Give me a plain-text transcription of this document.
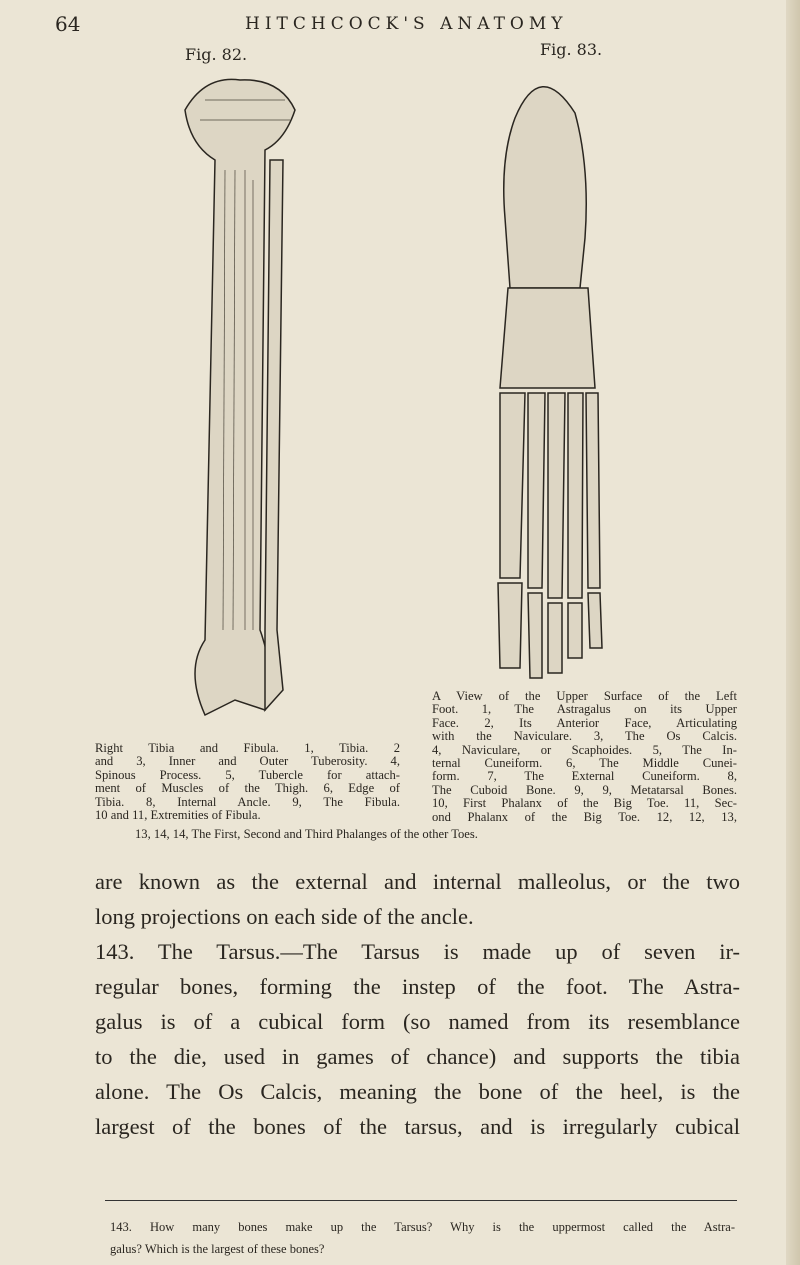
64	HITCHCOCK'S ANATOMY
Fig. 82.	Fig. 83.
Right Tibia and Fibula. 1, Tibia. 2
and 3, Inner and Outer Tuberosity. 4,
Spinous Process. 5, Tubercle for attach-
ment of Muscles of the Thigh. 6, Edge of
Tibia. 8, Internal Ancle. 9, The Fibula.
10 and 11, Extremities of Fibula.
A View of the Upper Surface of the Left
Foot. 1, The Astragalus on its Upper
Face. 2, Its Anterior Face, Articulating
with the Naviculare. 3, The Os Calcis.
4, Naviculare, or Scaphoides. 5, The In-
ternal Cuneiform. 6, The Middle Cunei-
form. 7, The External Cuneiform. 8,
The Cuboid Bone. 9, 9, Metatarsal Bones.
10, First Phalanx of the Big Toe. 11, Sec-
ond Phalanx of the Big Toe. 12, 12, 13,
13, 14, 14, The First, Second and Third Phalanges of the other Toes.
are known as the external and internal malleolus, or the two
long projections on each side of the ancle.
143. The Tarsus.—The Tarsus is made up of seven ir-
regular bones, forming the instep of the foot. The Astra-
galus is of a cubical form (so named from its resemblance
to the die, used in games of chance) and supports the tibia
alone. The Os Calcis, meaning the bone of the heel, is the
largest of the bones of the tarsus, and is irregularly cubical
143. How many bones make up the Tarsus? Why is the uppermost called the Astra-
galus? Which is the largest of these bones?
